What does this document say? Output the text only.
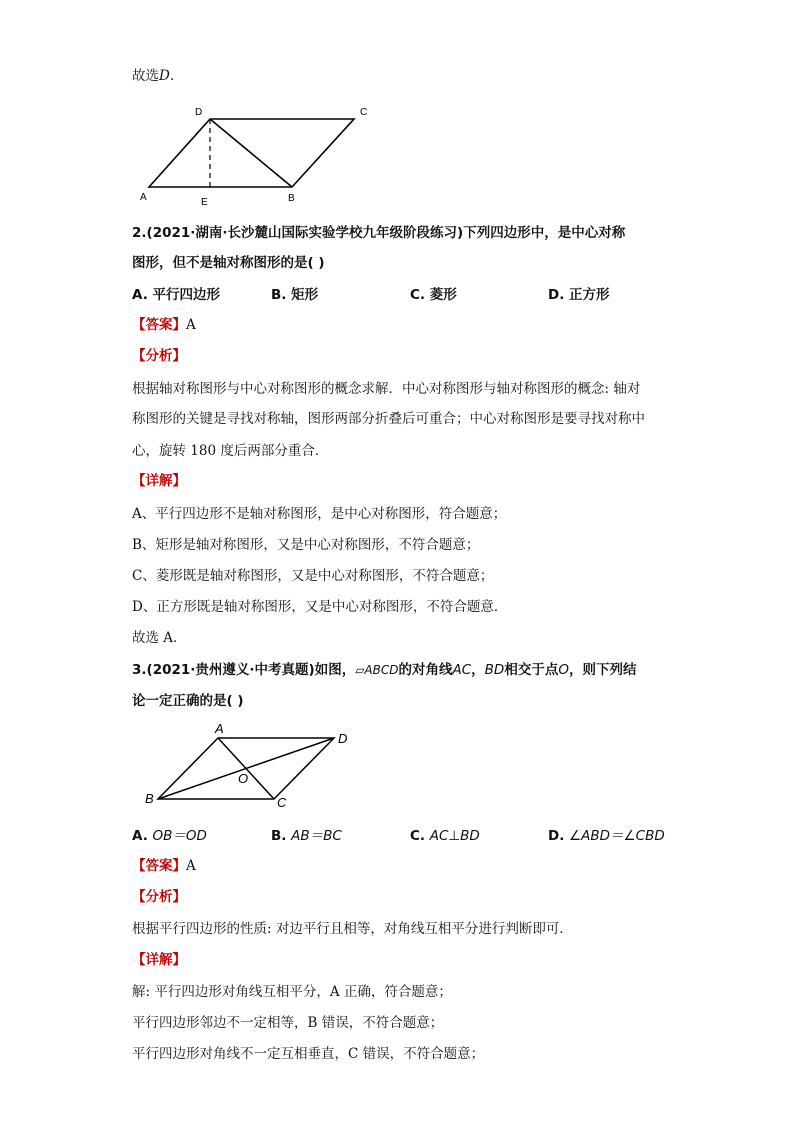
故选D.
A	E	B
D	C
2.(2021·湖南·长沙麓山国际实验学校九年级阶段练习)下列四边形中，是中心对称
图形，但不是轴对称图形的是( )
A. 平行四边形	B. 矩形	C. 菱形	D. 正方形
【答案】A
【分析】
根据轴对称图形与中心对称图形的概念求解．中心对称图形与轴对称图形的概念: 轴对
称图形的关键是寻找对称轴，图形两部分折叠后可重合；中心对称图形是要寻找对称中
心，旋转 180 度后两部分重合．
【详解】
A、平行四边形不是轴对称图形，是中心对称图形，符合题意；
B、矩形是轴对称图形，又是中心对称图形，不符合题意；
C、菱形既是轴对称图形，又是中心对称图形，不符合题意；
D、正方形既是轴对称图形，又是中心对称图形，不符合题意．
故选 A．
3.(2021·贵州遵义·中考真题)如图，▱ABCD的对角线AC，BD相交于点O，则下列结
论一定正确的是( )
A
D
O
B	C
A. OB＝OD	B. AB＝BC	C. AC⊥BD	D. ∠ABD＝∠CBD
【答案】A
【分析】
根据平行四边形的性质: 对边平行且相等，对角线互相平分进行判断即可．
【详解】
解: 平行四边形对角线互相平分，A 正确，符合题意；
平行四边形邻边不一定相等，B 错误，不符合题意；
平行四边形对角线不一定互相垂直，C 错误，不符合题意；
